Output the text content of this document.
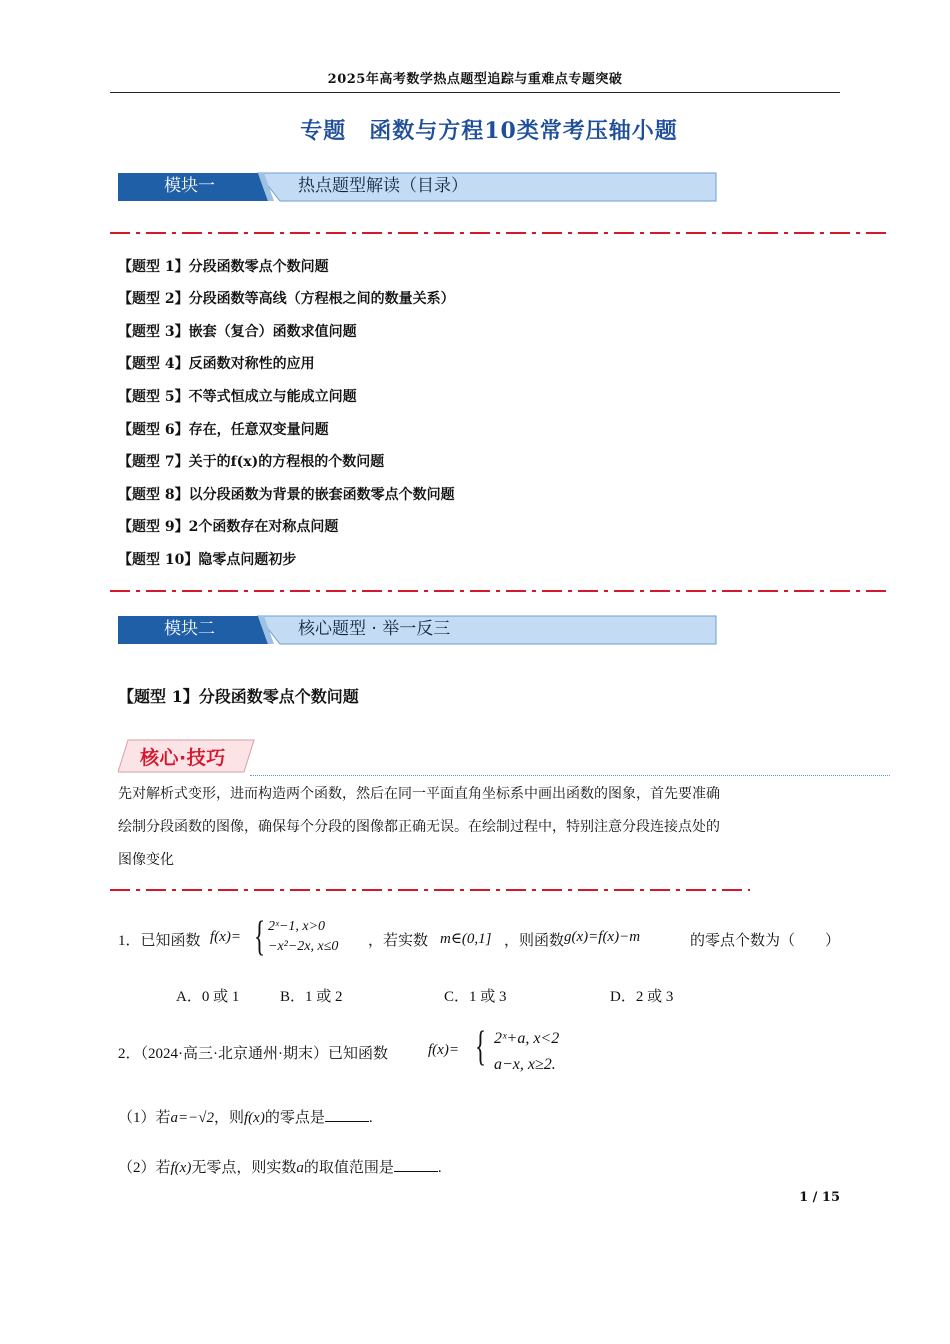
2025年高考数学热点题型追踪与重难点专题突破
专题　函数与方程10类常考压轴小题
模块一	热点题型解读（目录）
【题型 1】分段函数零点个数问题
【题型 2】分段函数等高线（方程根之间的数量关系）
【题型 3】嵌套（复合）函数求值问题
【题型 4】反函数对称性的应用
【题型 5】不等式恒成立与能成立问题
【题型 6】存在，任意双变量问题
【题型 7】关于的f(x)的方程根的个数问题
【题型 8】以分段函数为背景的嵌套函数零点个数问题
【题型 9】2个函数存在对称点问题
【题型 10】隐零点问题初步
模块二	核心题型 · 举一反三
【题型 1】分段函数零点个数问题
核心·技巧
先对解析式变形，进而构造两个函数，然后在同一平面直角坐标系中画出函数的图象，首先要准确
绘制分段函数的图像，确保每个分段的图像都正确无误。在绘制过程中，特别注意分段连接点处的
图像变化
1．已知函数 f(x)= { 2ˣ−1, x>0
−x²−2x, x≤0 ，若实数 m∈(0,1] ，则函数 g(x)=f(x)−m	的零点个数为（　　）
A．0 或 1	B．1 或 2	C．1 或 3	D．2 或 3
2．（2024·高三·北京通州·期末）已知函数	f(x)= { 2ˣ+a, x<2
a−x, x≥2.
（1）若a=−√2，则f(x)的零点是	.
（2）若f(x)无零点，则实数a的取值范围是	.
1 / 15
